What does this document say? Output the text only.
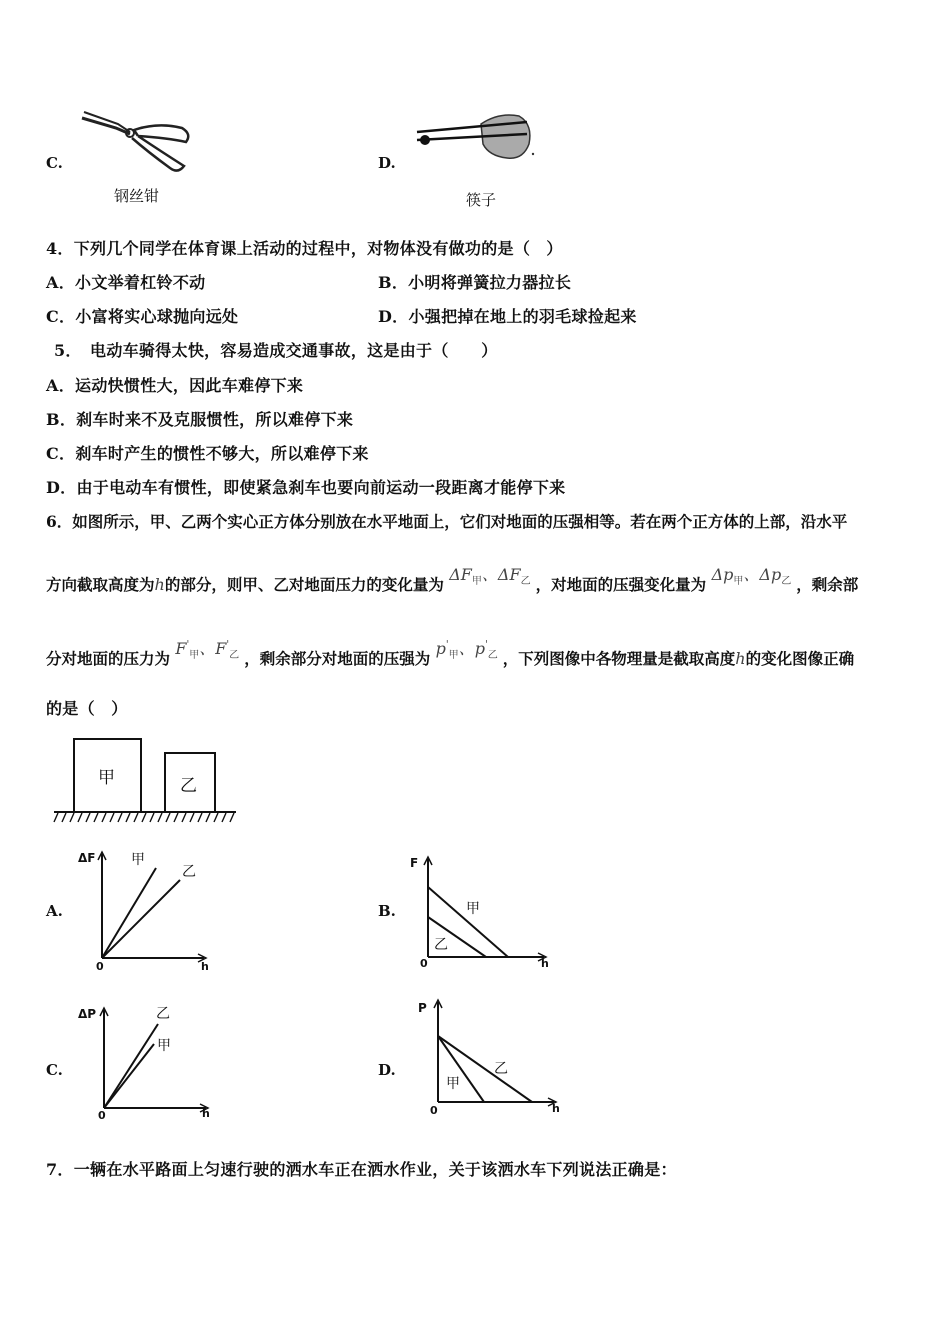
C.
钢丝钳
D.
筷子
4．下列几个同学在体育课上活动的过程中，对物体没有做功的是（　）
A．小文举着杠铃不动	B．小明将弹簧拉力器拉长
C．小富将实心球抛向远处	D．小强把掉在地上的羽毛球捡起来
5．　电动车骑得太快，容易造成交通事故，这是由于（　　）
A．运动快惯性大，因此车难停下来
B．刹车时来不及克服惯性，所以难停下来
C．刹车时产生的惯性不够大，所以难停下来
D．由于电动车有惯性，即使紧急刹车也要向前运动一段距离才能停下来
6．如图所示，甲、乙两个实心正方体分别放在水平地面上，它们对地面的压强相等。若在两个正方体的上部，沿水平
方向截取高度为h的部分，则甲、乙对地面压力的变化量为 $\Delta F_甲$、$\Delta F_乙$ ，对地面的压强变化量为 $\Delta p_甲$、$\Delta p_乙$ ，剩余部
分对地面的压力为 $F'_甲$、$F'_乙$ ，剩余部分对地面的压强为 $p'_甲$、$p'_乙$ ，下列图像中各物理量是截取高度h的变化图像正确
的是（　）
甲	乙
A.
ΔF	甲
乙
0	h
B.
F
甲
乙
0	h
C.
ΔP	乙
甲
0	h
D.
P
乙
甲
0	h
7．一辆在水平路面上匀速行驶的洒水车正在洒水作业，关于该洒水车下列说法正确是：
